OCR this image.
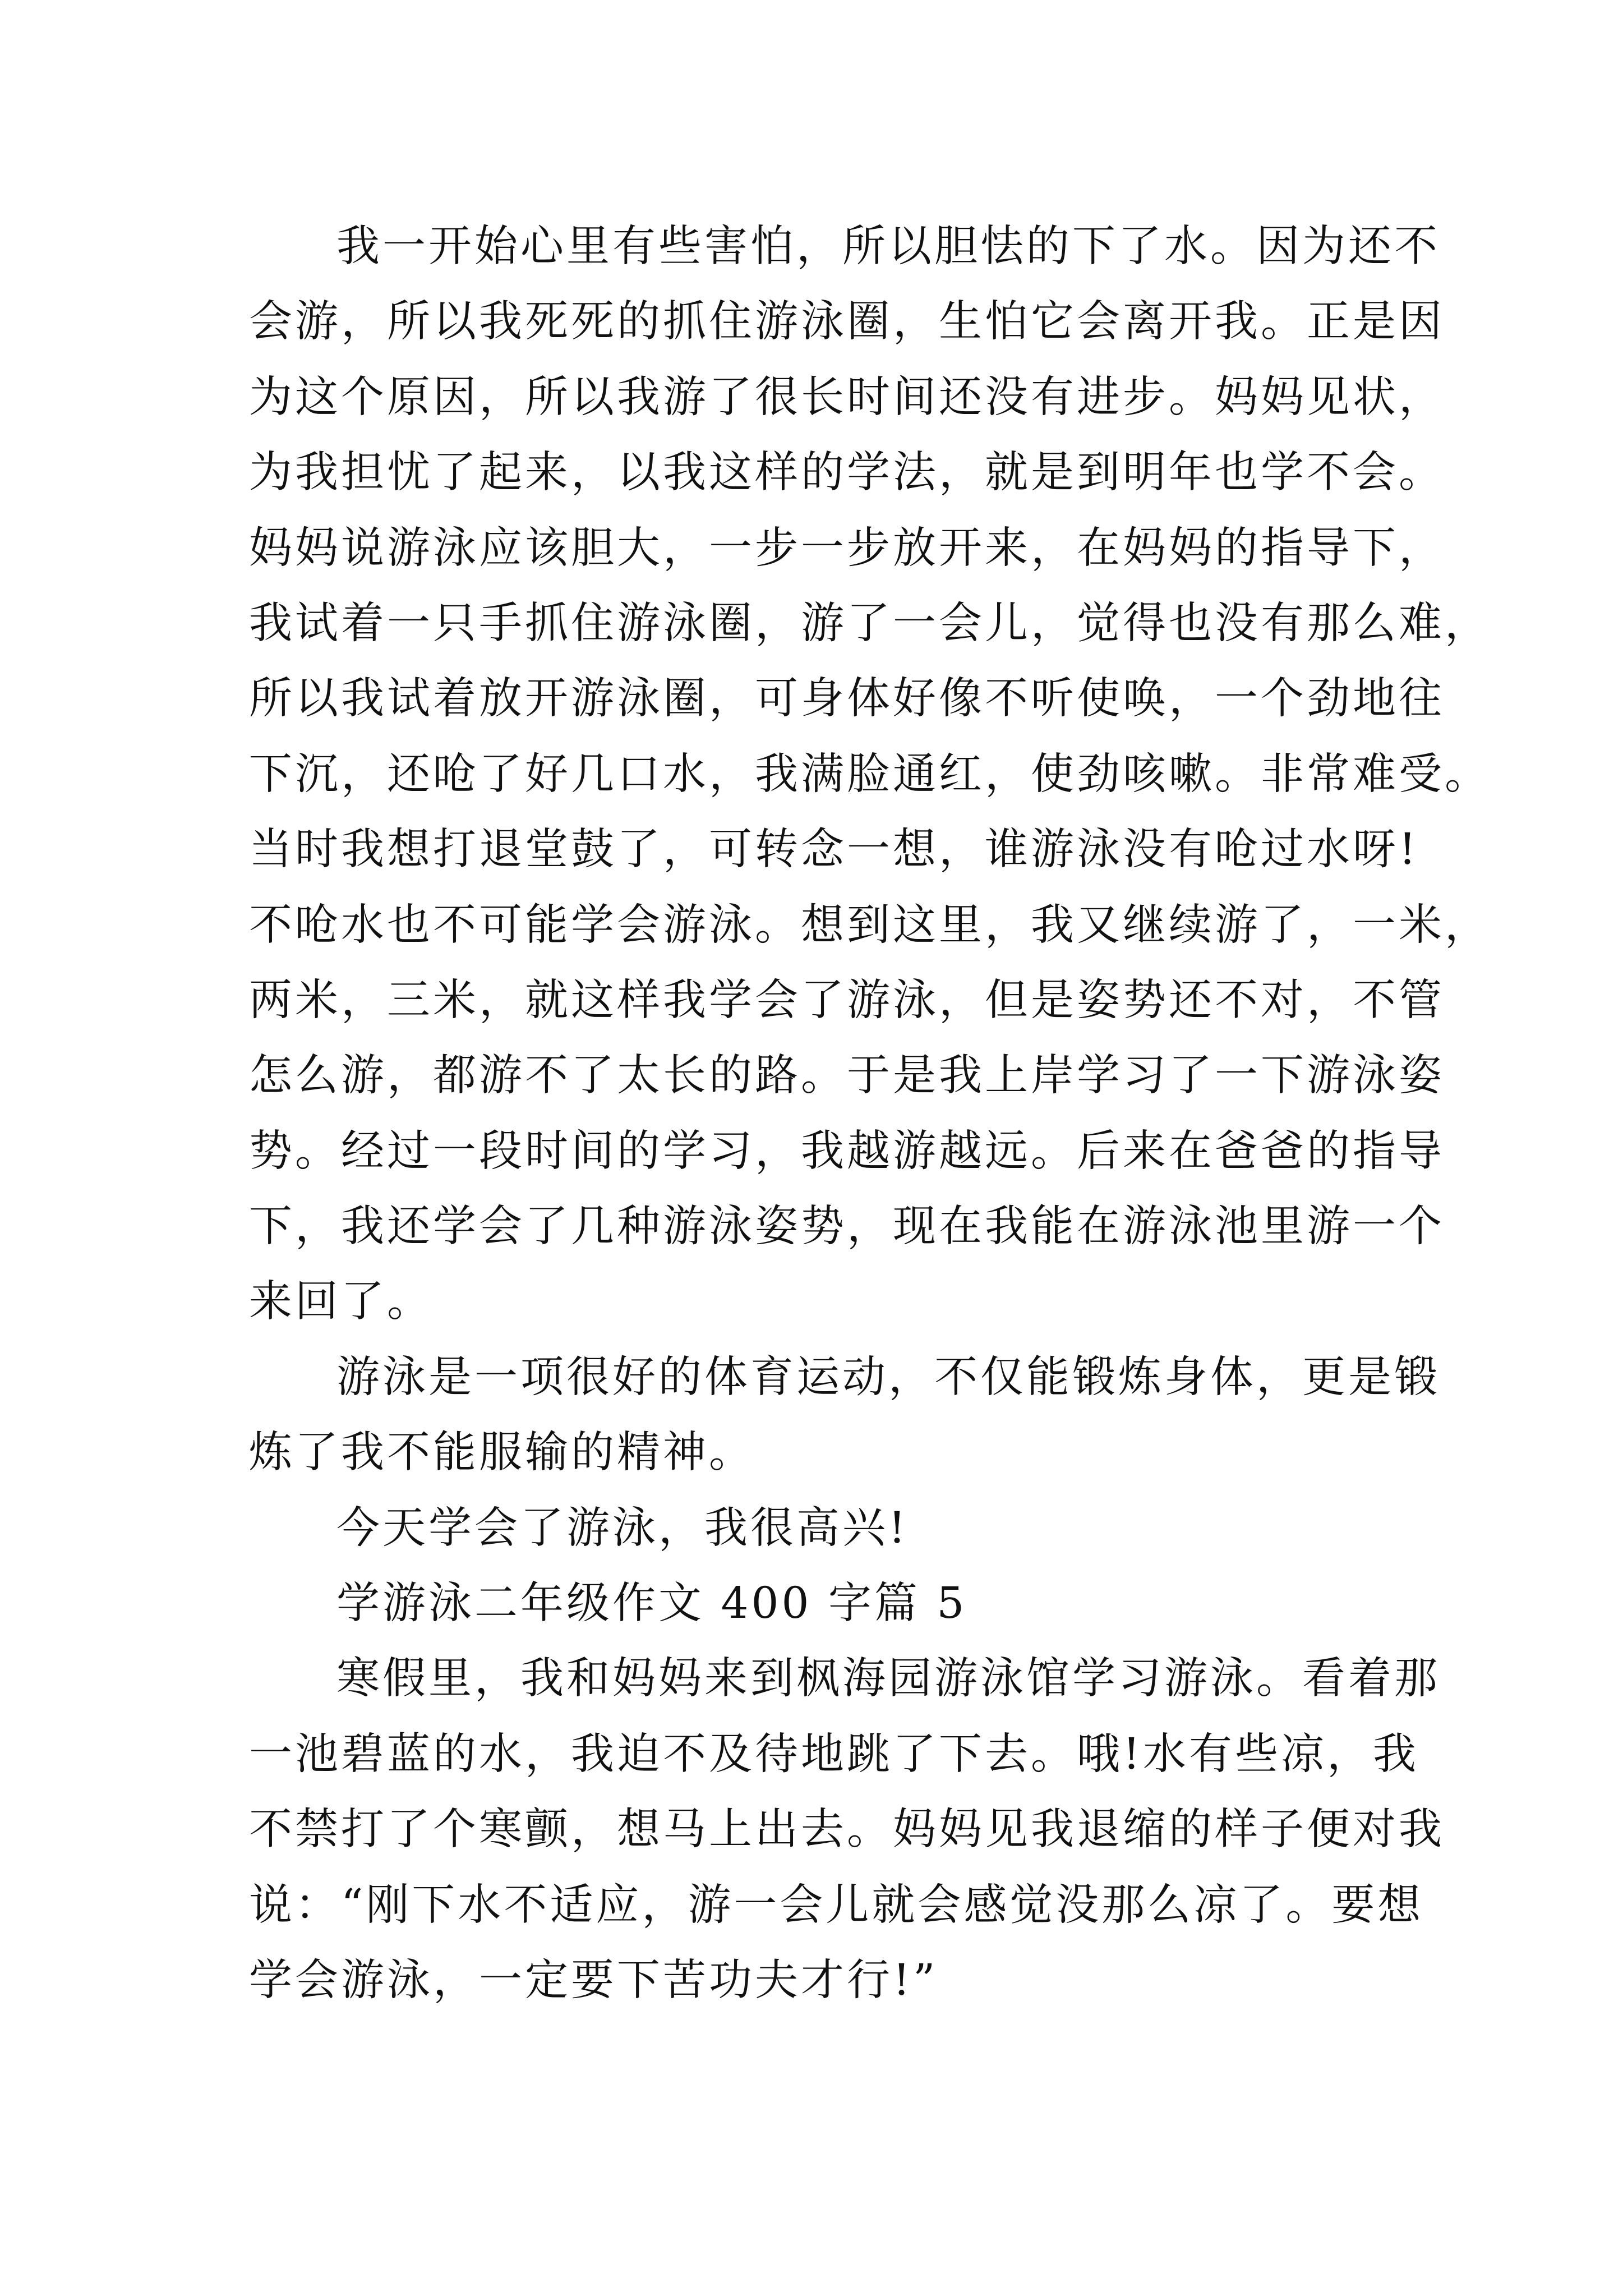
我一开始心里有些害怕，所以胆怯的下了水。因为还不
会游，所以我死死的抓住游泳圈，生怕它会离开我。正是因
为这个原因，所以我游了很长时间还没有进步。妈妈见状，
为我担忧了起来，以我这样的学法，就是到明年也学不会。
妈妈说游泳应该胆大，一步一步放开来，在妈妈的指导下，
我试着一只手抓住游泳圈，游了一会儿，觉得也没有那么难，
所以我试着放开游泳圈，可身体好像不听使唤，一个劲地往
下沉，还呛了好几口水，我满脸通红，使劲咳嗽。非常难受。
当时我想打退堂鼓了，可转念一想，谁游泳没有呛过水呀!
不呛水也不可能学会游泳。想到这里，我又继续游了，一米，
两米，三米，就这样我学会了游泳，但是姿势还不对，不管
怎么游，都游不了太长的路。于是我上岸学习了一下游泳姿
势。经过一段时间的学习，我越游越远。后来在爸爸的指导
下，我还学会了几种游泳姿势，现在我能在游泳池里游一个
来回了。
游泳是一项很好的体育运动，不仅能锻炼身体，更是锻
炼了我不能服输的精神。
今天学会了游泳，我很高兴!
学游泳二年级作文 400 字篇 5
寒假里，我和妈妈来到枫海园游泳馆学习游泳。看着那
一池碧蓝的水，我迫不及待地跳了下去。哦!水有些凉，我
不禁打了个寒颤，想马上出去。妈妈见我退缩的样子便对我
说：“刚下水不适应，游一会儿就会感觉没那么凉了。要想
学会游泳，一定要下苦功夫才行!”
